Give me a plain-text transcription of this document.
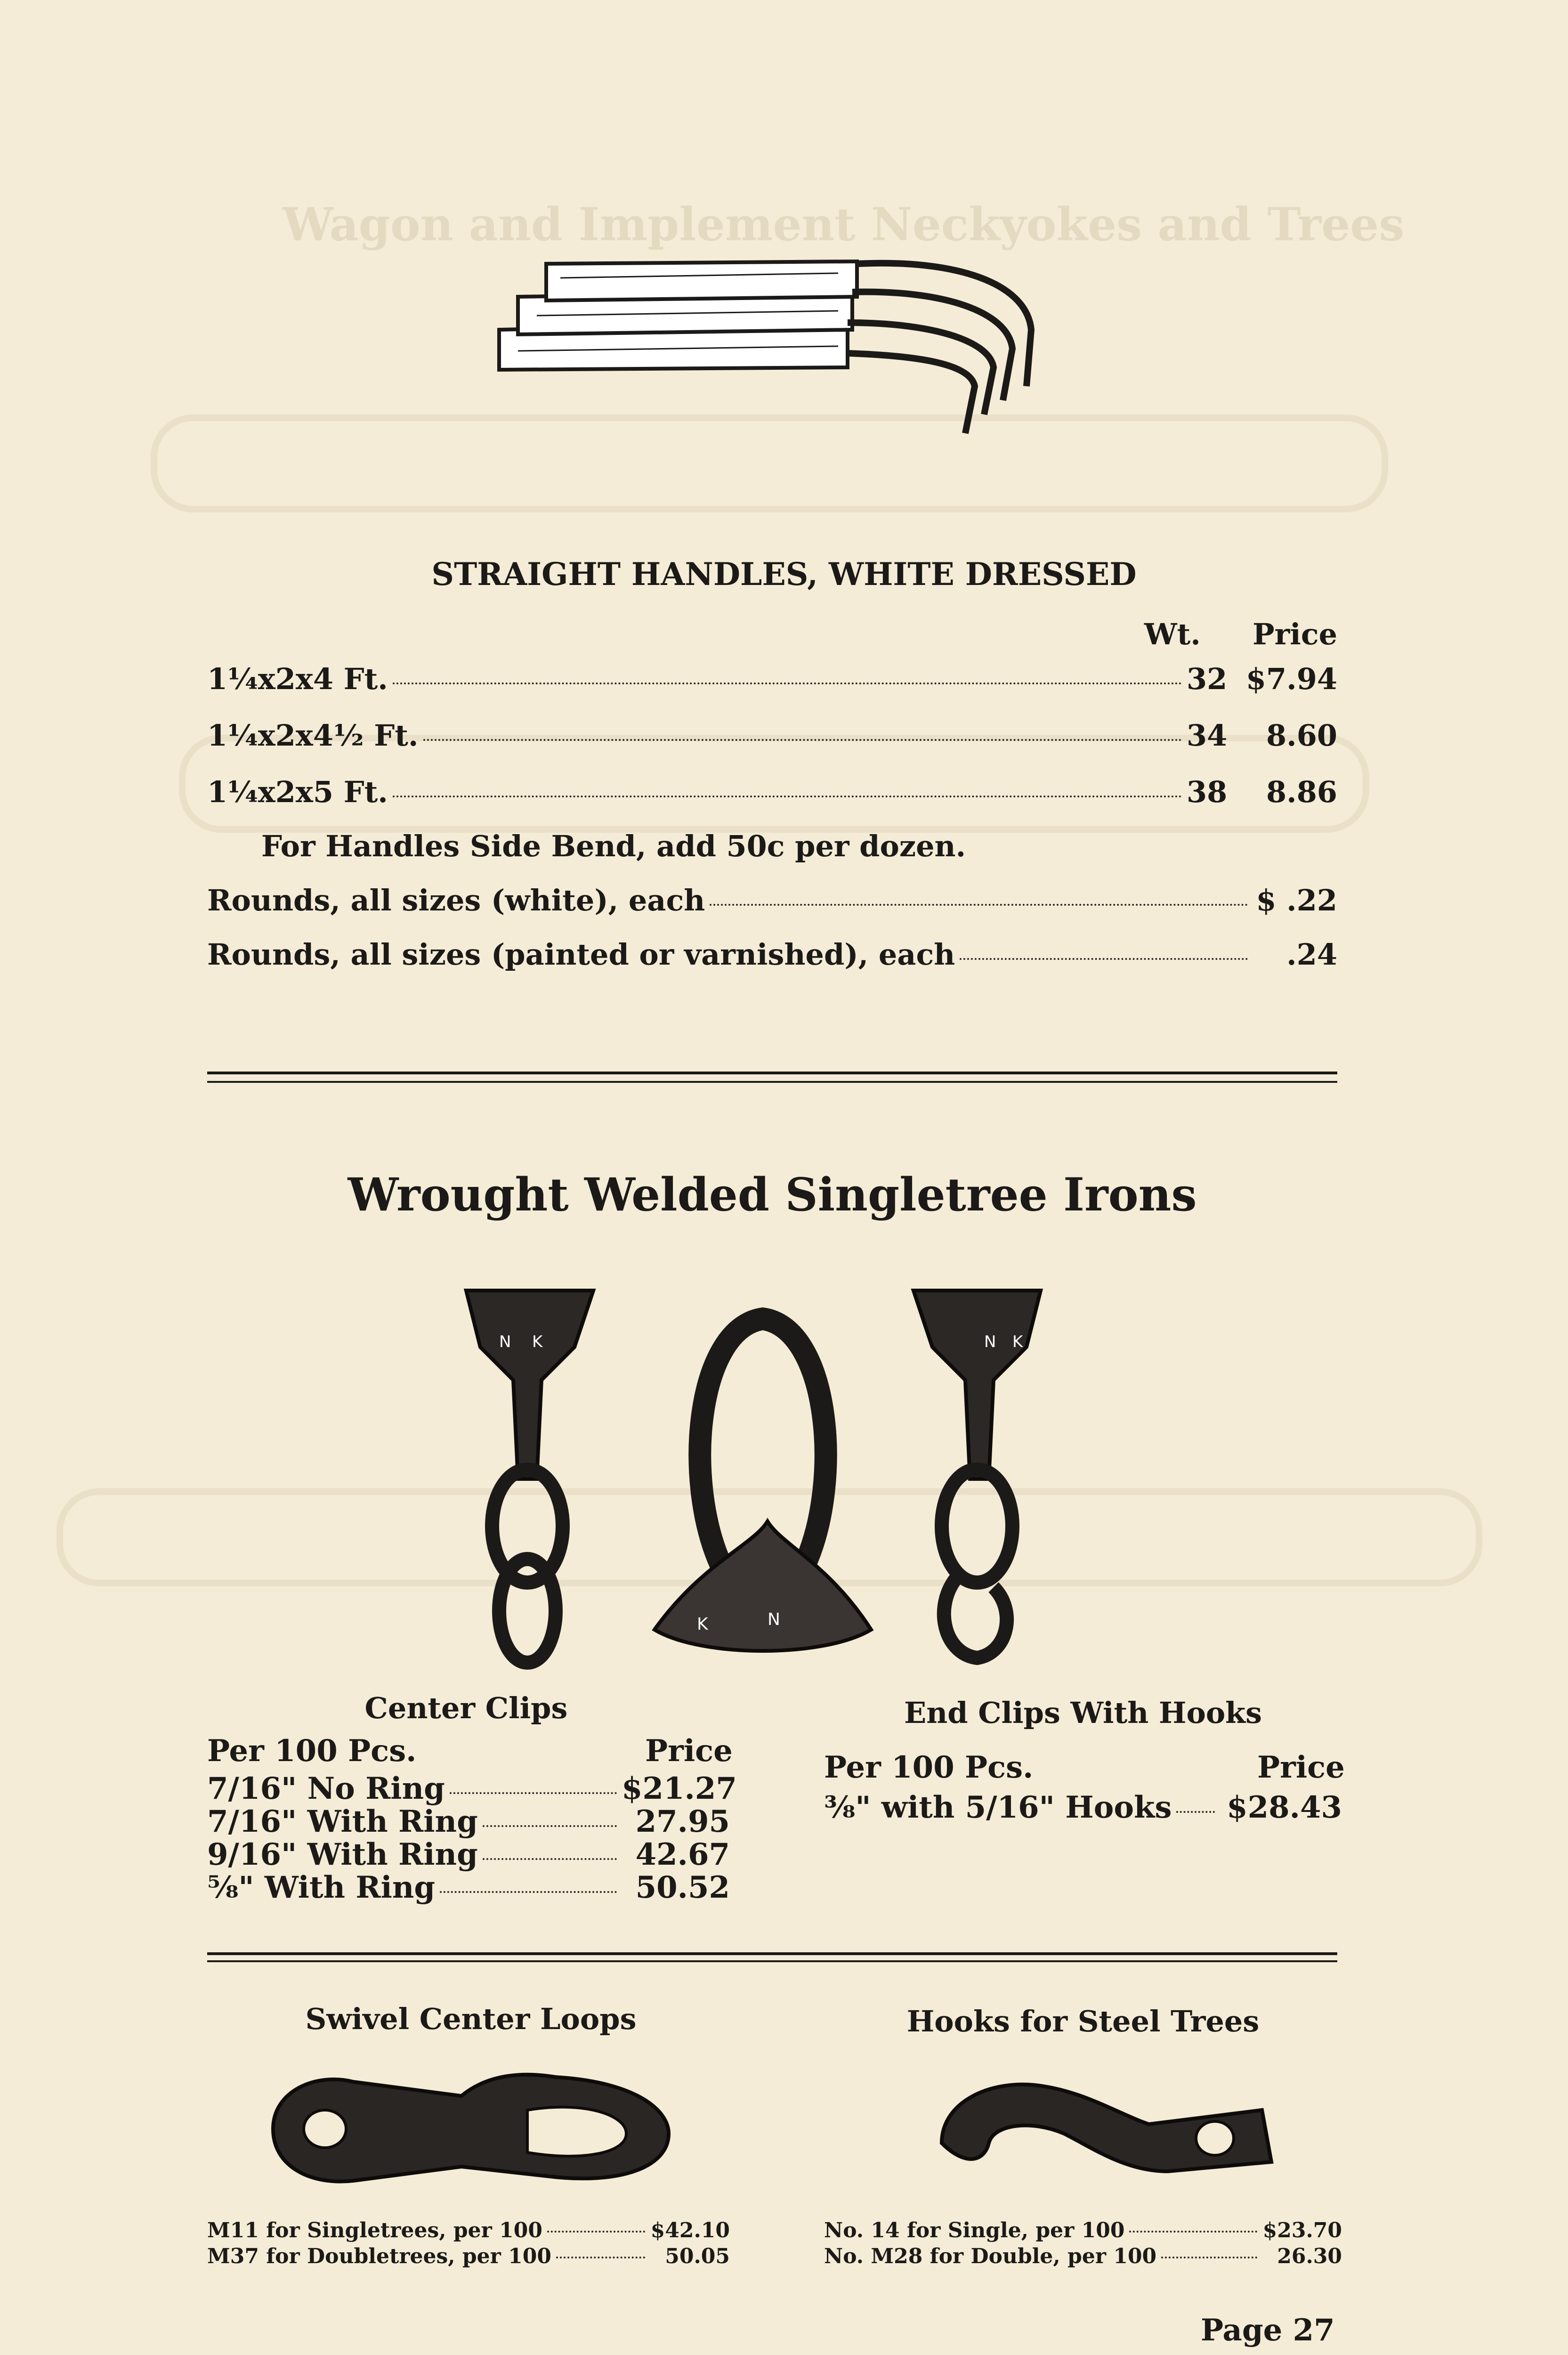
Wagon and Implement Neckyokes and Trees
STRAIGHT HANDLES, WHITE DRESSED
Wt. Price
1¼x2x4 Ft.	32 $7.94
1¼x2x4½ Ft.	34	8.60
1¼x2x5 Ft.	38	8.86
For Handles Side Bend, add 50c per dozen.
Rounds, all sizes (white), each	$ .22
Rounds, all sizes (painted or varnished), each	.24
Wrought Welded Singletree Irons
N K
K	N
N K
Center Clips
Per 100 Pcs.	Price
7/16" No Ring	$21.27
7/16" With Ring	27.95
9/16" With Ring	42.67
⅝" With Ring	50.52
End Clips With Hooks
Per 100 Pcs.	Price
⅜" with 5/16" Hooks $28.43
Swivel Center Loops
M11 for Singletrees, per 100	$42.10
M37 for Doubletrees, per 100	50.05
Hooks for Steel Trees
No. 14 for Single, per 100	$23.70
No. M28 for Double, per 100	26.30
Page 27
